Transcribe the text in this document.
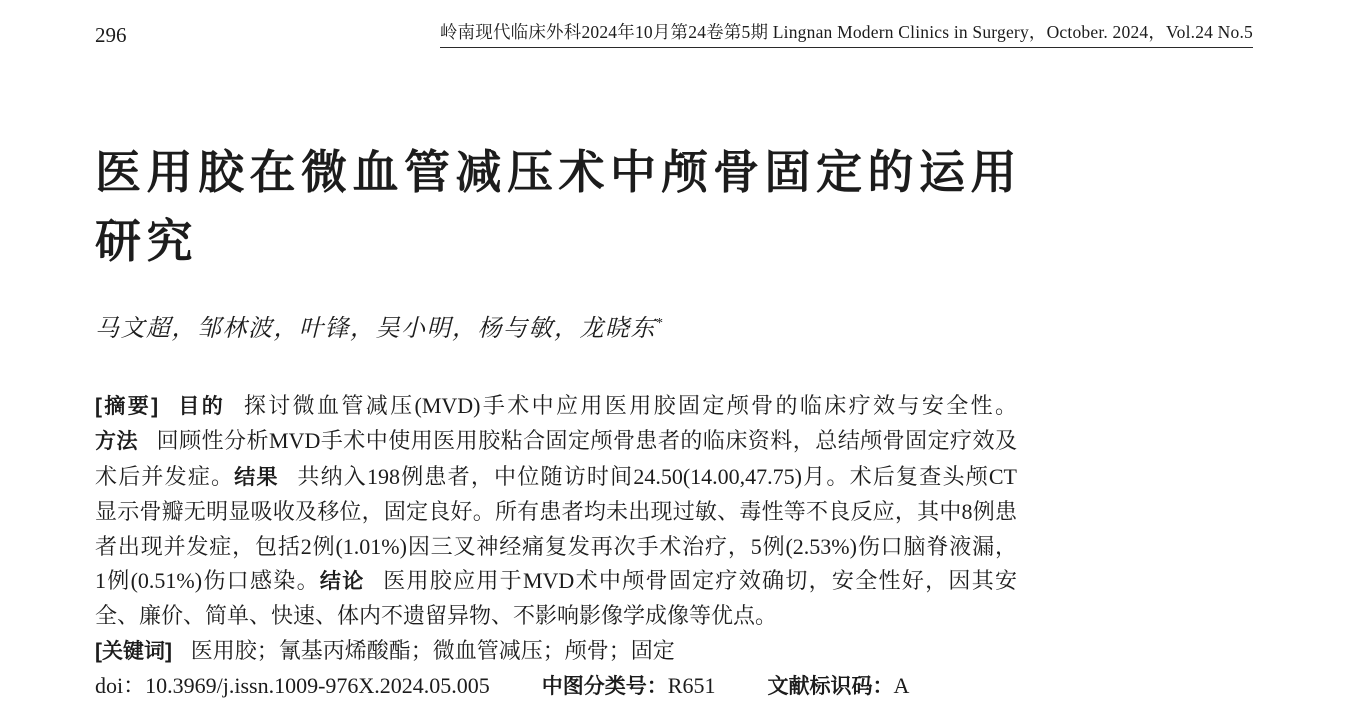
296	岭南现代临床外科2024年10月第24卷第5期 Lingnan Modern Clinics in Surgery，October. 2024，Vol.24 No.5
医用胶在微血管减压术中颅骨固定的运用
研究
马文超，邹林波，叶锋，吴小明，杨与敏，龙晓东*
[摘要] 目的 探讨微血管减压(MVD)手术中应用医用胶固定颅骨的临床疗效与安全性。
方法 回顾性分析MVD手术中使用医用胶粘合固定颅骨患者的临床资料，总结颅骨固定疗效及
术后并发症。结果 共纳入198例患者，中位随访时间24.50(14.00,47.75)月。术后复查头颅CT
显示骨瓣无明显吸收及移位，固定良好。所有患者均未出现过敏、毒性等不良反应，其中8例患
者出现并发症，包括2例(1.01%)因三叉神经痛复发再次手术治疗，5例(2.53%)伤口脑脊液漏，
1例(0.51%)伤口感染。结论 医用胶应用于MVD术中颅骨固定疗效确切，安全性好，因其安
全、廉价、简单、快速、体内不遗留异物、不影响影像学成像等优点。
[关键词] 医用胶；氰基丙烯酸酯；微血管减压；颅骨；固定
doi：10.3969/j.issn.1009-976X.2024.05.005 中图分类号：R651 文献标识码：A
